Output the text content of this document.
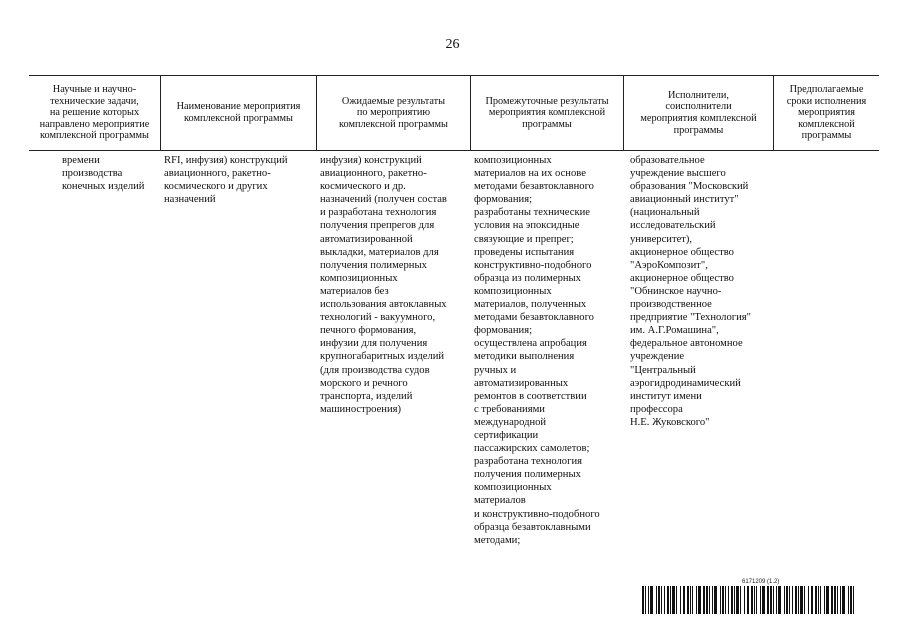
26
Научные и научно-
технические задачи,
на решение которых
направлено мероприятие
комплексной программы
Наименование мероприятия
комплексной программы
Ожидаемые результаты
по мероприятию
комплексной программы
Промежуточные результаты
мероприятия комплексной
программы
Исполнители,
соисполнители
мероприятия комплексной
программы
Предполагаемые
сроки исполнения
мероприятия
комплексной
программы
времени
производства
конечных изделий
RFI, инфузия) конструкций
авиационного, ракетно-
космического и других
назначений
инфузия) конструкций
авиационного, ракетно-
космического и др.
назначений (получен состав
и разработана технология
получения препрегов для
автоматизированной
выкладки, материалов для
получения полимерных
композиционных
материалов без
использования автоклавных
технологий - вакуумного,
печного формования,
инфузии для получения
крупногабаритных изделий
(для производства судов
морского и речного
транспорта, изделий
машиностроения)
композиционных
материалов на их основе
методами безавтоклавного
формования;
разработаны технические
условия на эпоксидные
связующие и препрег;
проведены испытания
конструктивно-подобного
образца из полимерных
композиционных
материалов, полученных
методами безавтоклавного
формования;
осуществлена апробация
методики выполнения
ручных и
автоматизированных
ремонтов в соответствии
с требованиями
международной
сертификации
пассажирских самолетов;
разработана технология
получения полимерных
композиционных
материалов
и конструктивно-подобного
образца безавтоклавными
методами;
образовательное
учреждение высшего
образования "Московский
авиационный институт"
(национальный
исследовательский
университет),
акционерное общество
"АэроКомпозит",
акционерное общество
"Обнинское научно-
производственное
предприятие "Технология"
им. А.Г.Ромашина",
федеральное автономное
учреждение
"Центральный
аэрогидродинамический
институт имени
профессора
Н.Е. Жуковского"
6171209 (1.2)
